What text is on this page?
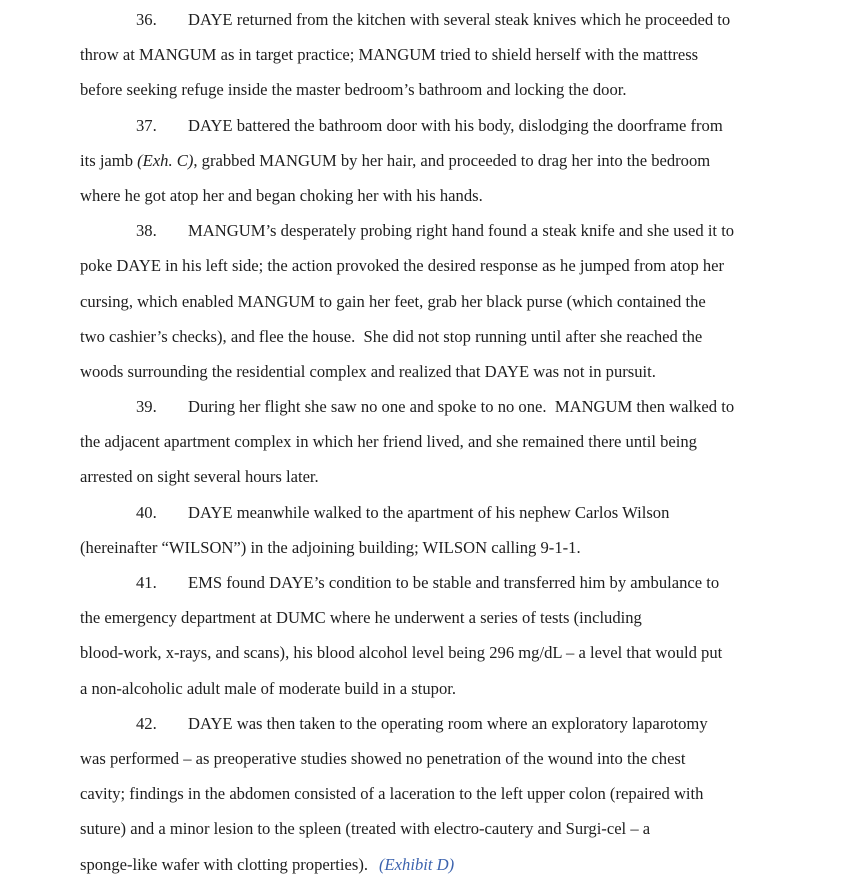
36. DAYE returned from the kitchen with several steak knives which he proceeded to
throw at MANGUM as in target practice; MANGUM tried to shield herself with the mattress
before seeking refuge inside the master bedroom’s bathroom and locking the door.
37. DAYE battered the bathroom door with his body, dislodging the doorframe from
its jamb (Exh. C), grabbed MANGUM by her hair, and proceeded to drag her into the bedroom
where he got atop her and began choking her with his hands.
38. MANGUM’s desperately probing right hand found a steak knife and she used it to
poke DAYE in his left side; the action provoked the desired response as he jumped from atop her
cursing, which enabled MANGUM to gain her feet, grab her black purse (which contained the
two cashier’s checks), and flee the house.  She did not stop running until after she reached the
woods surrounding the residential complex and realized that DAYE was not in pursuit.
39. During her flight she saw no one and spoke to no one.  MANGUM then walked to
the adjacent apartment complex in which her friend lived, and she remained there until being
arrested on sight several hours later.
40. DAYE meanwhile walked to the apartment of his nephew Carlos Wilson
(hereinafter “WILSON”) in the adjoining building; WILSON calling 9-1-1.
41. EMS found DAYE’s condition to be stable and transferred him by ambulance to
the emergency department at DUMC where he underwent a series of tests (including
blood-work, x-rays, and scans), his blood alcohol level being 296 mg/dL – a level that would put
a non-alcoholic adult male of moderate build in a stupor.
42. DAYE was then taken to the operating room where an exploratory laparotomy
was performed – as preoperative studies showed no penetration of the wound into the chest
cavity; findings in the abdomen consisted of a laceration to the left upper colon (repaired with
suture) and a minor lesion to the spleen (treated with electro-cautery and Surgi-cel – a
sponge-like wafer with clotting properties). (Exhibit D)
